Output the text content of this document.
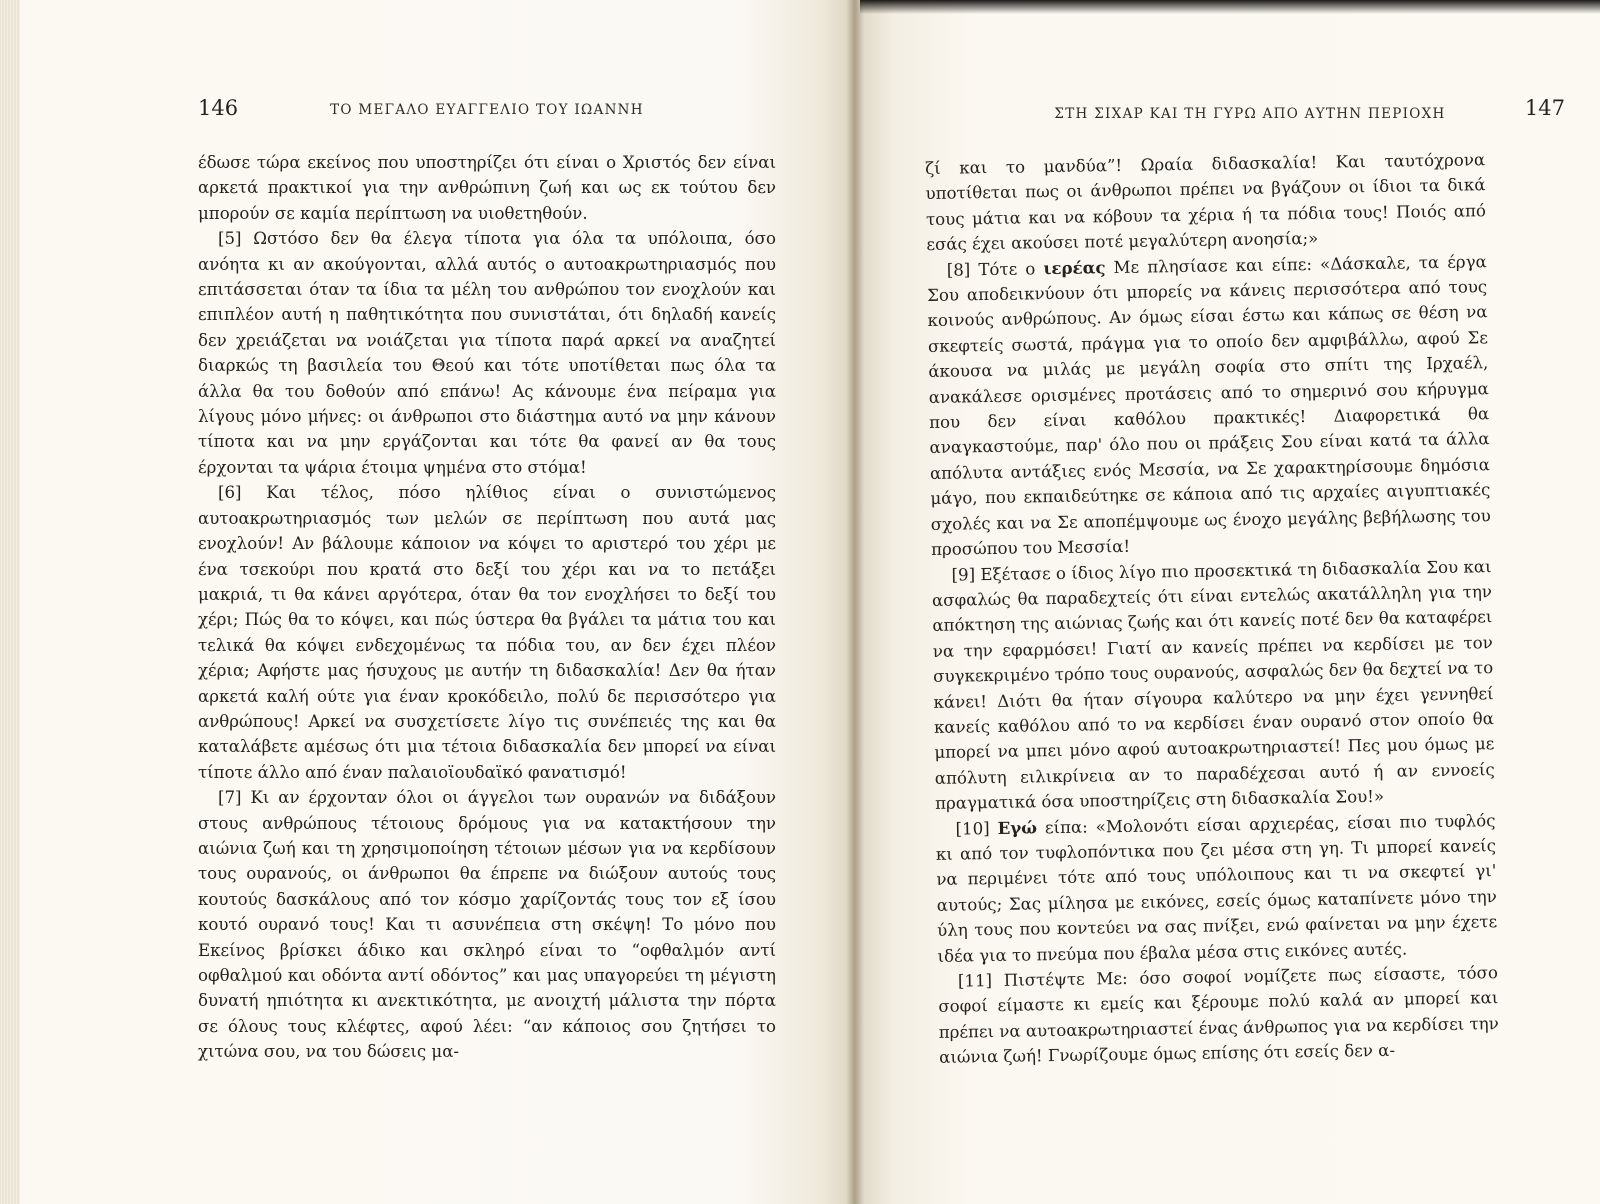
146	ΤΟ ΜΕΓΑΛΟ ΕΥΑΓΓΕΛΙΟ ΤΟΥ ΙΩΑΝΝΗ

έδωσε τώρα εκείνος που υποστηρίζει ότι είναι ο Χριστός δεν είναι αρκετά πρακτικοί για την ανθρώπινη ζωή και ως εκ τούτου δεν μπορούν σε καμία περίπτωση να υιοθετηθούν.

[5] Ωστόσο δεν θα έλεγα τίποτα για όλα τα υπόλοιπα, όσο ανόητα κι αν ακούγονται, αλλά αυτός ο αυτοακρωτηριασμός που επιτάσσεται όταν τα ίδια τα μέλη του ανθρώπου τον ενοχλούν και επιπλέον αυτή η παθητικότητα που συνιστάται, ότι δηλαδή κανείς δεν χρειάζεται να νοιάζεται για τίποτα παρά αρκεί να αναζητεί διαρκώς τη βασιλεία του Θεού και τότε υποτίθεται πως όλα τα άλλα θα του δοθούν από επάνω! Ας κάνουμε ένα πείραμα για λίγους μόνο μήνες: οι άνθρωποι στο διάστημα αυτό να μην κάνουν τίποτα και να μην εργάζονται και τότε θα φανεί αν θα τους έρχονται τα ψάρια έτοιμα ψημένα στο στόμα!

[6] Και τέλος, πόσο ηλίθιος είναι ο συνιστώμενος αυτοακρωτηριασμός των μελών σε περίπτωση που αυτά μας ενοχλούν! Αν βάλουμε κάποιον να κόψει το αριστερό του χέρι με ένα τσεκούρι που κρατά στο δεξί του χέρι και να το πετάξει μακριά, τι θα κάνει αργότερα, όταν θα τον ενοχλήσει το δεξί του χέρι; Πώς θα το κόψει, και πώς ύστερα θα βγάλει τα μάτια του και τελικά θα κόψει ενδεχομένως τα πόδια του, αν δεν έχει πλέον χέρια; Αφήστε μας ήσυχους με αυτήν τη διδασκαλία! Δεν θα ήταν αρκετά καλή ούτε για έναν κροκόδειλο, πολύ δε περισσότερο για ανθρώπους! Αρκεί να συσχετίσετε λίγο τις συνέπειές της και θα καταλάβετε αμέσως ότι μια τέτοια διδασκαλία δεν μπορεί να είναι τίποτε άλλο από έναν παλαιοϊουδαϊκό φανατισμό!

[7] Κι αν έρχονταν όλοι οι άγγελοι των ουρανών να διδάξουν στους ανθρώπους τέτοιους δρόμους για να κατακτήσουν την αιώνια ζωή και τη χρησιμοποίηση τέτοιων μέσων για να κερδίσουν τους ουρανούς, οι άνθρωποι θα έπρεπε να διώξουν αυτούς τους κουτούς δασκάλους από τον κόσμο χαρίζοντάς τους τον εξ ίσου κουτό ουρανό τους! Και τι ασυνέπεια στη σκέψη! Το μόνο που Εκείνος βρίσκει άδικο και σκληρό είναι το “οφθαλμόν αντί οφθαλμού και οδόντα αντί οδόντος” και μας υπαγορεύει τη μέγιστη δυνατή ηπιότητα κι ανεκτικότητα, με ανοιχτή μάλιστα την πόρτα σε όλους τους κλέφτες, αφού λέει: “αν κάποιος σου ζητήσει το χιτώνα σου, να του δώσεις μα-

ΣΤΗ ΣΙΧΑΡ ΚΑΙ ΤΗ ΓΥΡΩ ΑΠΟ ΑΥΤΗΝ ΠΕΡΙΟΧΗ	147

ζί και το μανδύα”! Ωραία διδασκαλία! Και ταυτόχρονα υποτίθεται πως οι άνθρωποι πρέπει να βγάζουν οι ίδιοι τα δικά τους μάτια και να κόβουν τα χέρια ή τα πόδια τους! Ποιός από εσάς έχει ακούσει ποτέ μεγαλύτερη ανοησία;»

[8] Τότε ο ιερέας Με πλησίασε και είπε: «Δάσκαλε, τα έργα Σου αποδεικνύουν ότι μπορείς να κάνεις περισσότερα από τους κοινούς ανθρώπους. Αν όμως είσαι έστω και κάπως σε θέση να σκεφτείς σωστά, πράγμα για το οποίο δεν αμφιβάλλω, αφού Σε άκουσα να μιλάς με μεγάλη σοφία στο σπίτι της Ιρχαέλ, ανακάλεσε ορισμένες προτάσεις από το σημερινό σου κήρυγμα που δεν είναι καθόλου πρακτικές! Διαφορετικά θα αναγκαστούμε, παρ' όλο που οι πράξεις Σου είναι κατά τα άλλα απόλυτα αντάξιες ενός Μεσσία, να Σε χαρακτηρίσουμε δημόσια μάγο, που εκπαιδεύτηκε σε κάποια από τις αρχαίες αιγυπτιακές σχολές και να Σε αποπέμψουμε ως ένοχο μεγάλης βεβήλωσης του προσώπου του Μεσσία!

[9] Εξέτασε ο ίδιος λίγο πιο προσεκτικά τη διδασκαλία Σου και ασφαλώς θα παραδεχτείς ότι είναι εντελώς ακατάλληλη για την απόκτηση της αιώνιας ζωής και ότι κανείς ποτέ δεν θα καταφέρει να την εφαρμόσει! Γιατί αν κανείς πρέπει να κερδίσει με τον συγκεκριμένο τρόπο τους ουρανούς, ασφαλώς δεν θα δεχτεί να το κάνει! Διότι θα ήταν σίγουρα καλύτερο να μην έχει γεννηθεί κανείς καθόλου από το να κερδίσει έναν ουρανό στον οποίο θα μπορεί να μπει μόνο αφού αυτοακρωτηριαστεί! Πες μου όμως με απόλυτη ειλικρίνεια αν το παραδέχεσαι αυτό ή αν εννοείς πραγματικά όσα υποστηρίζεις στη διδασκαλία Σου!»

[10] Εγώ είπα: «Μολονότι είσαι αρχιερέας, είσαι πιο τυφλός κι από τον τυφλοπόντικα που ζει μέσα στη γη. Τι μπορεί κανείς να περιμένει τότε από τους υπόλοιπους και τι να σκεφτεί γι' αυτούς; Σας μίλησα με εικόνες, εσείς όμως καταπίνετε μόνο την ύλη τους που κοντεύει να σας πνίξει, ενώ φαίνεται να μην έχετε ιδέα για το πνεύμα που έβαλα μέσα στις εικόνες αυτές.

[11] Πιστέψτε Με: όσο σοφοί νομίζετε πως είσαστε, τόσο σοφοί είμαστε κι εμείς και ξέρουμε πολύ καλά αν μπορεί και πρέπει να αυτοακρωτηριαστεί ένας άνθρωπος για να κερδίσει την αιώνια ζωή! Γνωρίζουμε όμως επίσης ότι εσείς δεν α-
